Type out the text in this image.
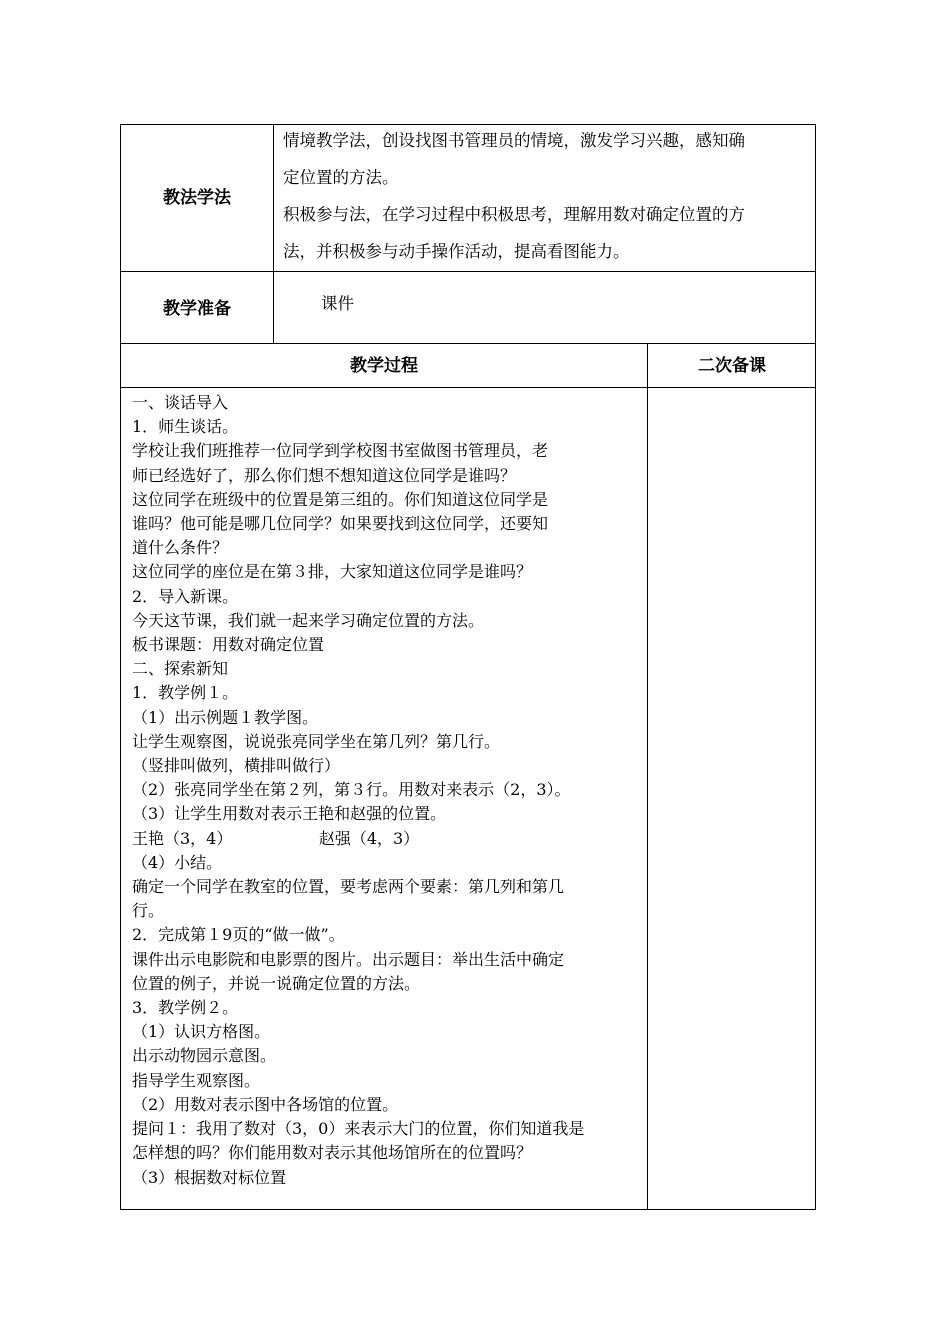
教法学法

情境教学法，创设找图书管理员的情境，激发学习兴趣，感知确

定位置的方法。

积极参与法，在学习过程中积极思考，理解用数对确定位置的方

法，并积极参与动手操作活动，提高看图能力。

教学准备	课件
教学过程	二次备课

一、谈话导入

1．师生谈话。

学校让我们班推荐一位同学到学校图书室做图书管理员，老

师已经选好了，那么你们想不想知道这位同学是谁吗？

这位同学在班级中的位置是第三组的。你们知道这位同学是

谁吗？他可能是哪几位同学？如果要找到这位同学，还要知

道什么条件？

这位同学的座位是在第３排，大家知道这位同学是谁吗？

2．导入新课。

今天这节课，我们就一起来学习确定位置的方法。

板书课题：用数对确定位置

二、探索新知

1．教学例１。

（1）出示例题１教学图。

让学生观察图，说说张亮同学坐在第几列？第几行。

（竖排叫做列，横排叫做行）

（2）张亮同学坐在第２列，第３行。用数对来表示（2，3）。

（3）让学生用数对表示王艳和赵强的位置。

王艳（3，4）                 赵强（4，3）

（4）小结。

确定一个同学在教室的位置，要考虑两个要素：第几列和第几

行。

2．完成第１9页的“做一做”。

课件出示电影院和电影票的图片。出示题目：举出生活中确定

位置的例子，并说一说确定位置的方法。

3．教学例２。

（1）认识方格图。

出示动物园示意图。

指导学生观察图。

（2）用数对表示图中各场馆的位置。

提问１：我用了数对（3，0）来表示大门的位置，你们知道我是

怎样想的吗？你们能用数对表示其他场馆所在的位置吗？

（3）根据数对标位置
